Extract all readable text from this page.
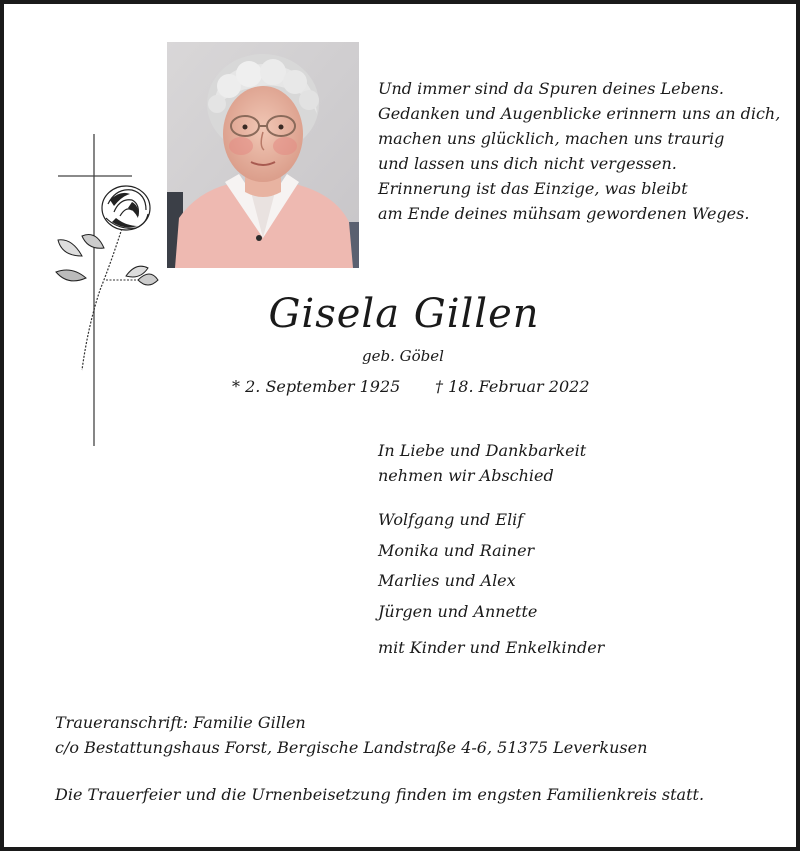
Und immer sind da Spuren deines Lebens.
Gedanken und Augenblicke erinnern uns an dich,
machen uns glücklich, machen uns traurig
und lassen uns dich nicht vergessen.
Erinnerung ist das Einzige, was bleibt
am Ende deines mühsam gewordenen Weges.
Gisela Gillen
geb. Göbel
* 2. September 1925 † 18. Februar 2022
In Liebe und Dankbarkeit
nehmen wir Abschied
Wolfgang und Elif
Monika und Rainer
Marlies und Alex
Jürgen und Annette
mit Kinder und Enkelkinder
Traueranschrift: Familie Gillen
c/o Bestattungshaus Forst, Bergische Landstraße 4-6, 51375 Leverkusen
Die Trauerfeier und die Urnenbeisetzung finden im engsten Familienkreis statt.
